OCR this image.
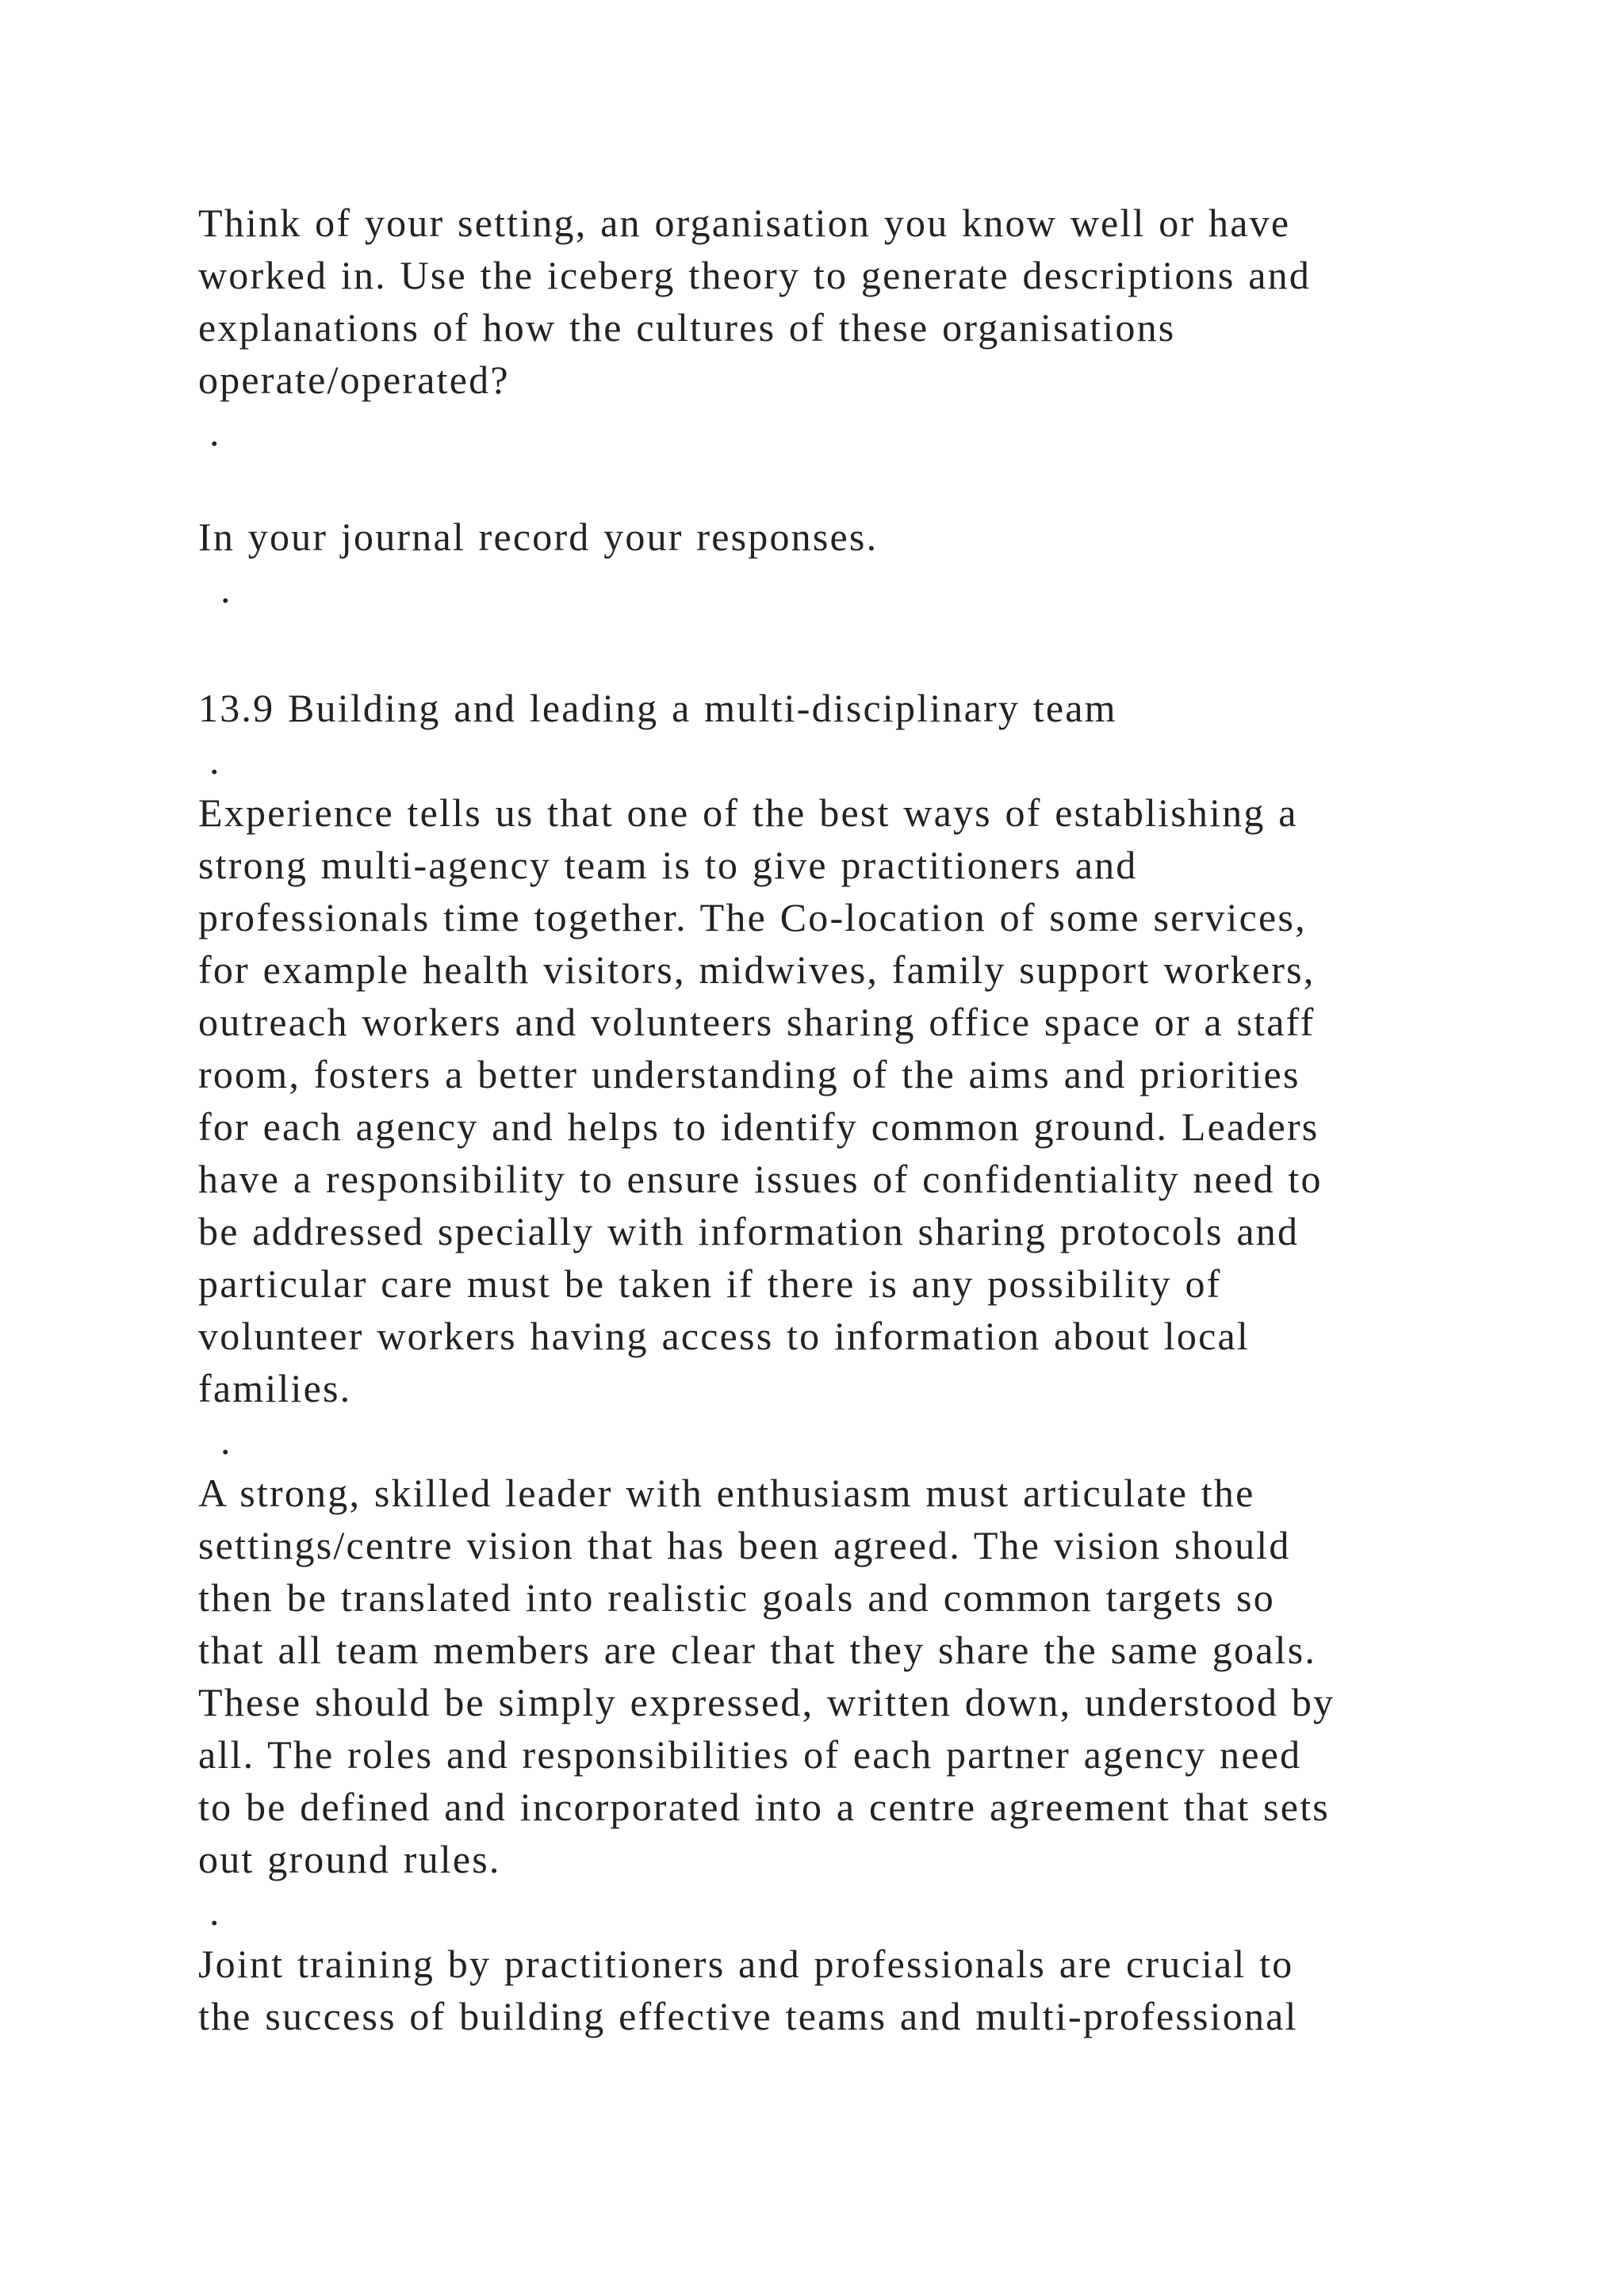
Think of your setting, an organisation you know well or have
worked in. Use the iceberg theory to generate descriptions and
explanations of how the cultures of these organisations
operate/operated?
.
In your journal record your responses.
.
13.9 Building and leading a multi-disciplinary team
.
Experience tells us that one of the best ways of establishing a
strong multi-agency team is to give practitioners and
professionals time together. The Co-location of some services,
for example health visitors, midwives, family support workers,
outreach workers and volunteers sharing office space or a staff
room, fosters a better understanding of the aims and priorities
for each agency and helps to identify common ground. Leaders
have a responsibility to ensure issues of confidentiality need to
be addressed specially with information sharing protocols and
particular care must be taken if there is any possibility of
volunteer workers having access to information about local
families.
.
A strong, skilled leader with enthusiasm must articulate the
settings/centre vision that has been agreed. The vision should
then be translated into realistic goals and common targets so
that all team members are clear that they share the same goals.
These should be simply expressed, written down, understood by
all. The roles and responsibilities of each partner agency need
to be defined and incorporated into a centre agreement that sets
out ground rules.
.
Joint training by practitioners and professionals are crucial to
the success of building effective teams and multi-professional
